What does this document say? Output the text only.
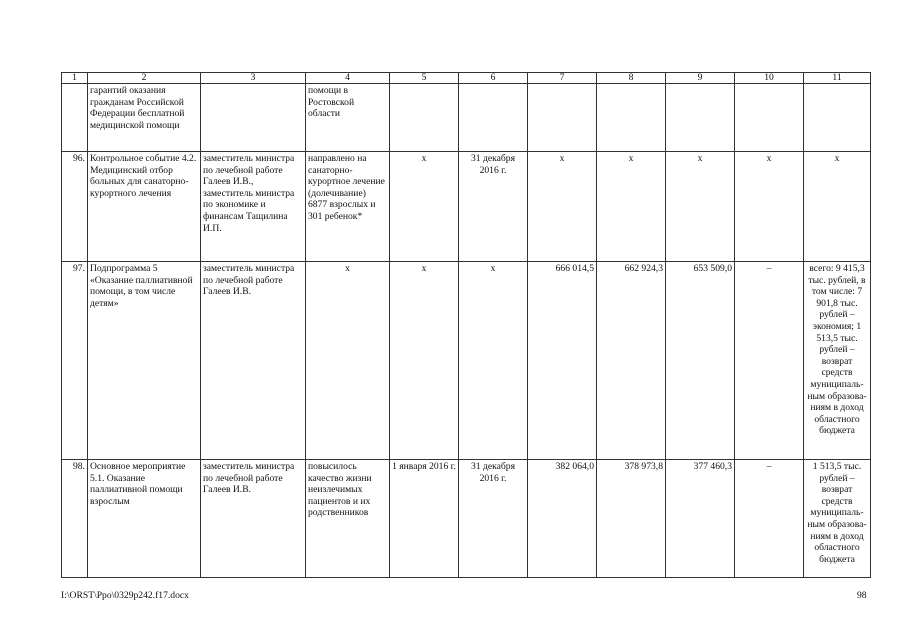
1	2	3	4	5	6	7	8	9	10	11
	гарантий оказания гражданам Российской Федерации бесплатной медицинской помощи		помощи в Ростовской области							
96.	Контрольное событие 4.2. Медицинский отбор больных для санаторно-курортного лечения	заместитель министра по лечебной работе Галеев И.В., заместитель министра по экономике и финансам Тащилина И.П.	направлено на санаторно-курортное лечение (долечивание) 6877 взрослых и 301 ребенок*	х	31 декабря 2016 г.	х	х	х	х	х
97.	Подпрограмма 5 «Оказание паллиативной помощи, в том числе детям»	заместитель министра по лечебной работе Галеев И.В.	х	х	х	666 014,5	662 924,3	653 509,0	–	всего: 9 415,3 тыс. рублей, в том числе: 7 901,8 тыс. рублей – экономия; 1 513,5 тыс. рублей – возврат средств муниципаль-ным образова-ниям в доход областного бюджета
98.	Основное мероприятие 5.1. Оказание паллиативной помощи взрослым	заместитель министра по лечебной работе Галеев И.В.	повысилось качество жизни неизлечимых пациентов и их родственников	1 января 2016 г.	31 декабря 2016 г.	382 064,0	378 973,8	377 460,3	–	1 513,5 тыс. рублей – возврат средств муниципаль-ным образова-ниям в доход областного бюджета
I:\ORST\Ppo\0329p242.f17.docx	98
